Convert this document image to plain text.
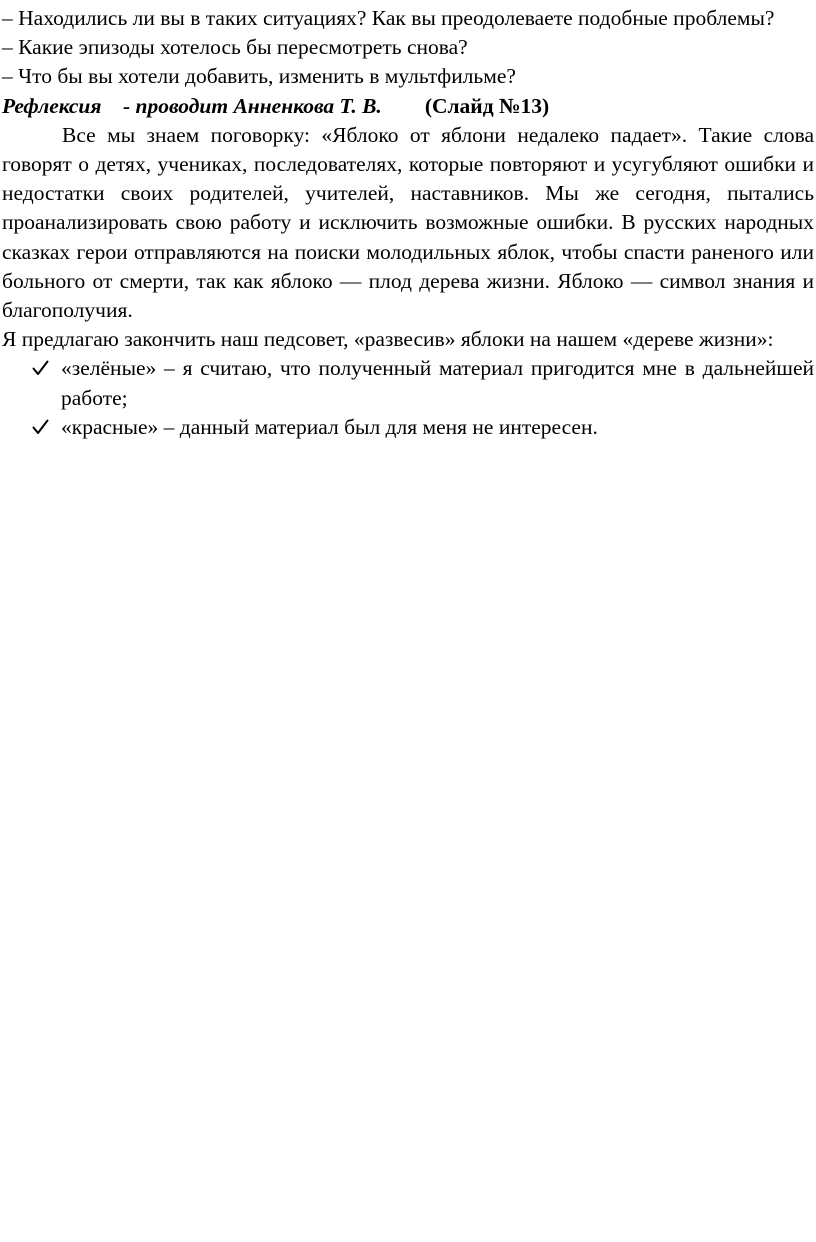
– Находились ли вы в таких ситуациях? Как вы преодолеваете подобные проблемы?

– Какие эпизоды хотелось бы пересмотреть снова?

– Что бы вы хотели добавить, изменить в мультфильме?

Рефлексия    - проводит Анненкова Т. В.        (Слайд №13)

Все мы знаем поговорку: «Яблоко от яблони недалеко падает». Такие слова говорят о детях, учениках, последователях, которые повторяют и усугубляют ошибки и недостатки своих родителей, учителей, наставников. Мы же сегодня, пытались проанализировать свою работу и исключить возможные ошибки. В русских народных сказках герои отправляются на поиски молодильных яблок, чтобы спасти раненого или больного от смерти, так как яблоко — плод дерева жизни. Яблоко — символ знания и благополучия.

Я предлагаю закончить наш педсовет, «развесив» яблоки на нашем «дереве жизни»:

«зелёные» – я считаю, что полученный материал пригодится мне в дальнейшей работе;
«красные» – данный материал был для меня не интересен.
